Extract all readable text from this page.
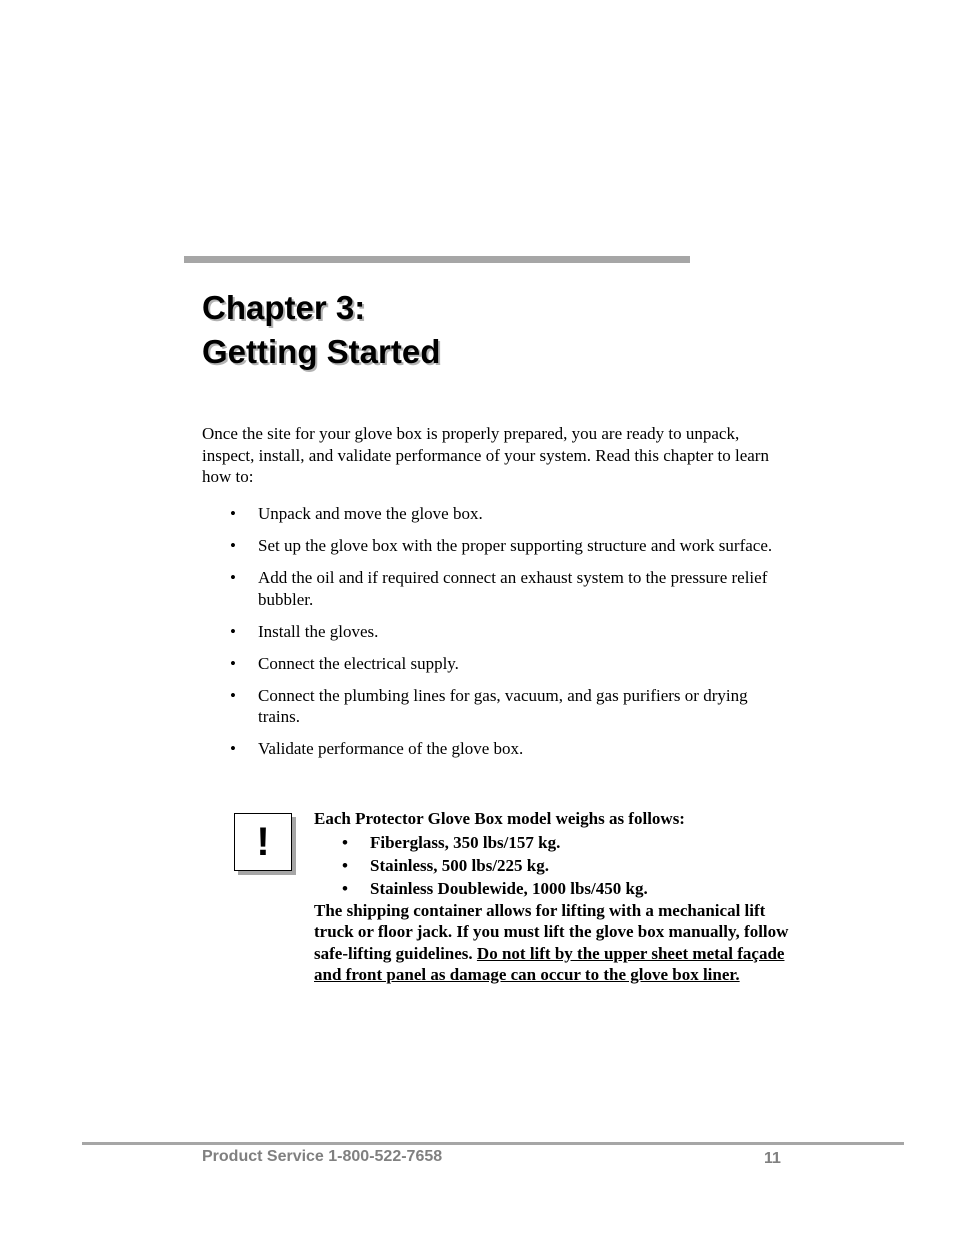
Chapter 3:
Getting Started

Once the site for your glove box is properly prepared, you are ready to unpack, inspect, install, and validate performance of your system. Read this chapter to learn how to:

• Unpack and move the glove box.
• Set up the glove box with the proper supporting structure and work surface.
• Add the oil and if required connect an exhaust system to the pressure relief bubbler.
• Install the gloves.
• Connect the electrical supply.
• Connect the plumbing lines for gas, vacuum, and gas purifiers or drying trains.
• Validate performance of the glove box.
!

Each Protector Glove Box model weighs as follows:

• Fiberglass, 350 lbs/157 kg.
• Stainless, 500 lbs/225 kg.
• Stainless Doublewide, 1000 lbs/450 kg.

The shipping container allows for lifting with a mechanical lift truck or floor jack. If you must lift the glove box manually, follow safe-lifting guidelines. Do not lift by the upper sheet metal façade and front panel as damage can occur to the glove box liner.

Product Service 1-800-522-7658	11
